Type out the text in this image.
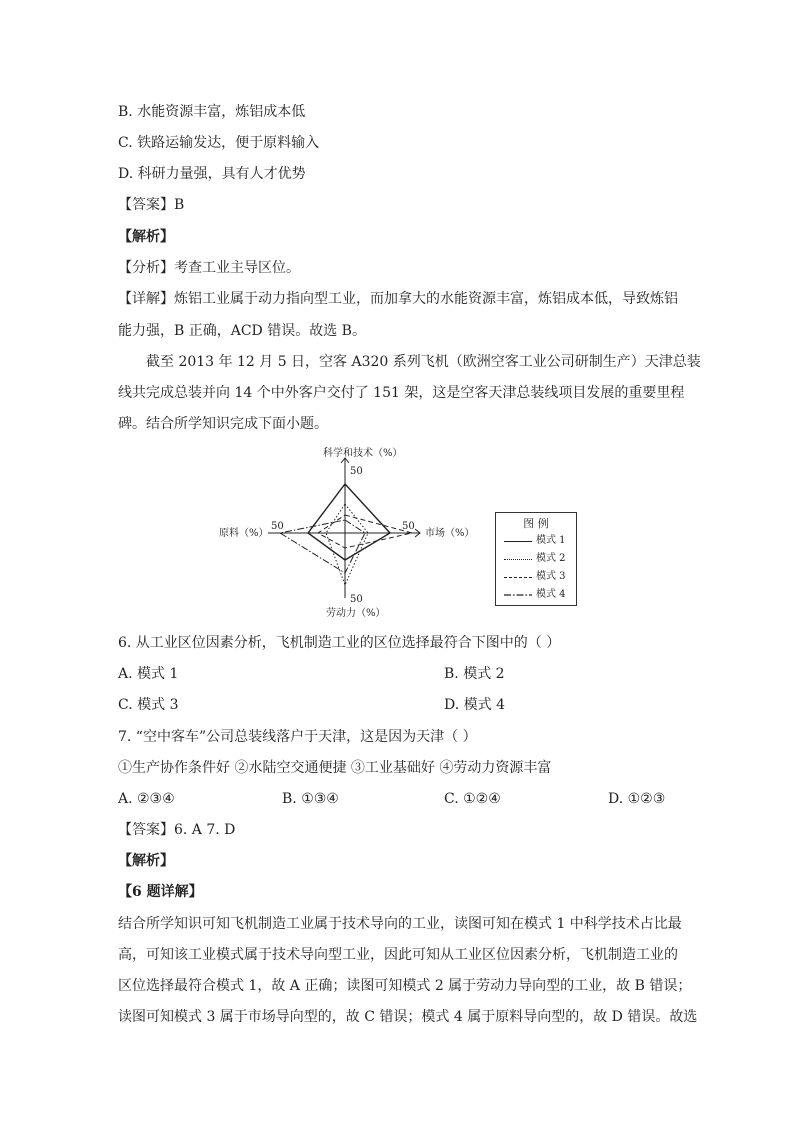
B. 水能资源丰富，炼铝成本低
C. 铁路运输发达，便于原料输入
D. 科研力量强，具有人才优势
【答案】B
【解析】
【分析】考查工业主导区位。
【详解】炼铝工业属于动力指向型工业，而加拿大的水能资源丰富，炼铝成本低，导致炼铝
能力强，B 正确，ACD 错误。故选 B。
截至 2013 年 12 月 5 日，空客 A320 系列飞机（欧洲空客工业公司研制生产）天津总装
线共完成总装并向 14 个中外客户交付了 151 架，这是空客天津总装线项目发展的重要里程
碑。结合所学知识完成下面小题。
科学和技术（%）
50
市场（%）
50
原料（%）
50
50
劳动力（%）
图 例
模式 1
模式 2
模式 3
模式 4
6. 从工业区位因素分析，飞机制造工业的区位选择最符合下图中的（ ）
A. 模式 1	B. 模式 2
C. 模式 3	D. 模式 4
7. “空中客车”公司总装线落户于天津，这是因为天津（ ）
①生产协作条件好 ②水陆空交通便捷 ③工业基础好 ④劳动力资源丰富
A. ②③④	B. ①③④	C. ①②④	D. ①②③
【答案】6. A 7. D
【解析】
【6 题详解】
结合所学知识可知飞机制造工业属于技术导向的工业，读图可知在模式 1 中科学技术占比最
高，可知该工业模式属于技术导向型工业，因此可知从工业区位因素分析，飞机制造工业的
区位选择最符合模式 1，故 A 正确；读图可知模式 2 属于劳动力导向型的工业，故 B 错误；
读图可知模式 3 属于市场导向型的，故 C 错误；模式 4 属于原料导向型的，故 D 错误。故选
